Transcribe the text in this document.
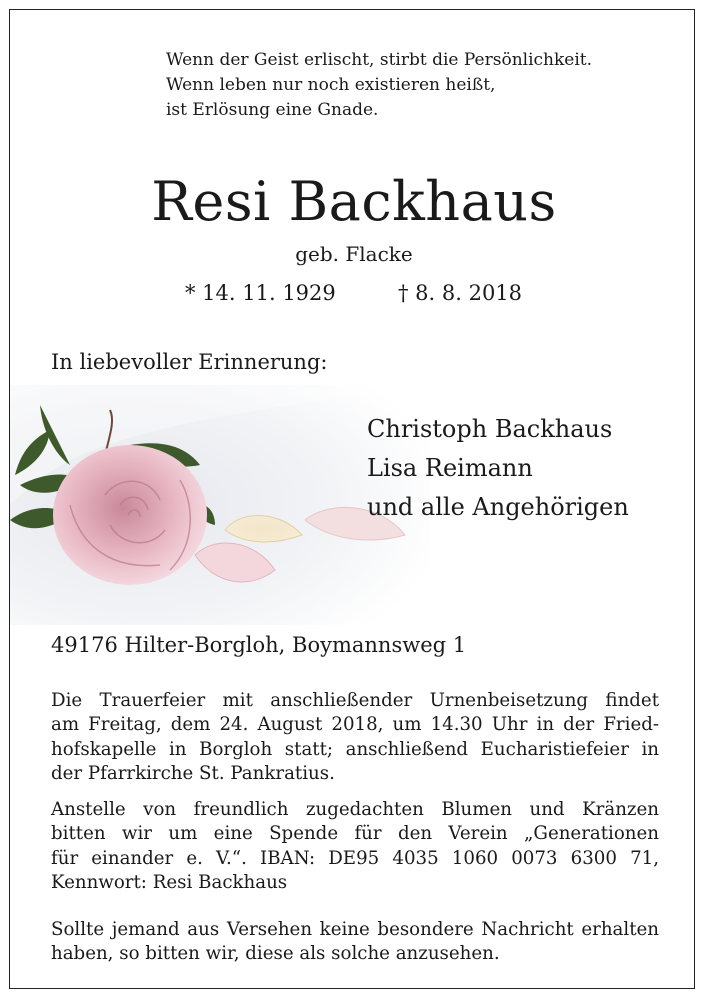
Wenn der Geist erlischt, stirbt die Persönlichkeit.
Wenn leben nur noch existieren heißt,
ist Erlösung eine Gnade.
Resi Backhaus
geb. Flacke
* 14. 11. 1929	† 8. 8. 2018
In liebevoller Erinnerung:
Christoph Backhaus
Lisa Reimann
und alle Angehörigen
49176 Hilter-Borgloh, Boymannsweg 1
Die Trauerfeier mit anschließender Urnenbeisetzung findet
am Freitag, dem 24. August 2018, um 14.30 Uhr in der Fried-
hofskapelle in Borgloh statt; anschließend Eucharistiefeier in
der Pfarrkirche St. Pankratius.
Anstelle von freundlich zugedachten Blumen und Kränzen
bitten wir um eine Spende für den Verein „Generationen
für einander e. V.“. IBAN: DE95 4035 1060 0073 6300 71,
Kennwort: Resi Backhaus
Sollte jemand aus Versehen keine besondere Nachricht erhalten
haben, so bitten wir, diese als solche anzusehen.
